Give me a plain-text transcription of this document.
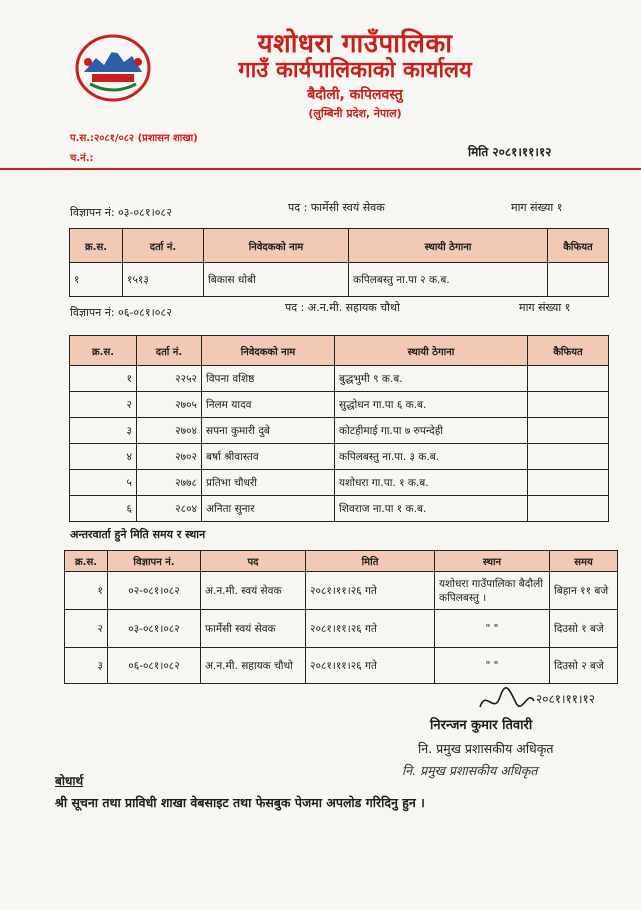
यशोधरा गाउँपालिका
गाउँ कार्यपालिकाको कार्यालय
बैदौली, कपिलवस्तु
(लुम्बिनी प्रदेश, नेपाल)
प.स.:२०८१/०८२ (प्रशासन शाखा)
च.नं.:	मिति २०८१।११।१२
विज्ञापन नं: ०३-०८१।०८२	पद : फार्मेसी स्वयं सेवक	माग संख्या १
क्र.स.	दर्ता नं.	निवेदकको नाम	स्थायी ठेगाना	कैफियत
१	१५१३	बिकास धोबी	कपिलबस्तु ना.पा २ क.ब.	
विज्ञापन नं: ०६-०८१।०८२	पद : अ.न.मी. सहायक चौथो	माग संख्या १
क्र.स.	दर्ता नं.	निवेदकको नाम	स्थायी ठेगाना	कैफियत
१	२२५२	विपना वशिष्ठ	बुद्धभुमी ९ क.ब.	
२	२७०५	निलम यादव	सुद्धोधन गा.पा ६ क.ब.	
३	२७०४	सपना कुमारी दुबे	कोटहीमाई गा.पा ७ रुपन्देही	
४	२७०२	बर्षा श्रीवास्तव	कपिलबस्तु ना.पा. ३ क.ब.	
५	२७७८	प्रतिभा चौधरी	यशोधरा गा.पा. १ क.ब.	
६	२८०४	अनिता सुनार	शिवराज ना.पा १ क.ब.	
अन्तरवार्ता हुने मिति समय र स्थान
क्र.स.	विज्ञापन नं.	पद	मिति	स्थान	समय
१	०२-०८१।०८२	अ.न.मी. स्वयं सेवक	२०८१।११।२६ गते	यशोधरा गाउँपालिका बैदौली कपिलबस्तु ।	बिहान ११ बजे
२	०३-०८१।०८२	फार्मेसी स्वयं सेवक	२०८१।११।२६ गते	" "	दिउसो १ बजे
३	०६-०८१।०८२	अ.न.मी. सहायक चौथो	२०८१।११।२६ गते	" "	दिउसो २ बजे
२०८१।११।१२
निरन्जन कुमार तिवारी
नि. प्रमुख प्रशासकीय अधिकृत
नि. प्रमुख प्रशासकीय अधिकृत
बोधार्थ
श्री सूचना तथा प्राविधी शाखा वेबसाइट तथा फेसबुक पेजमा अपलोड गरिदिनु हुन ।
